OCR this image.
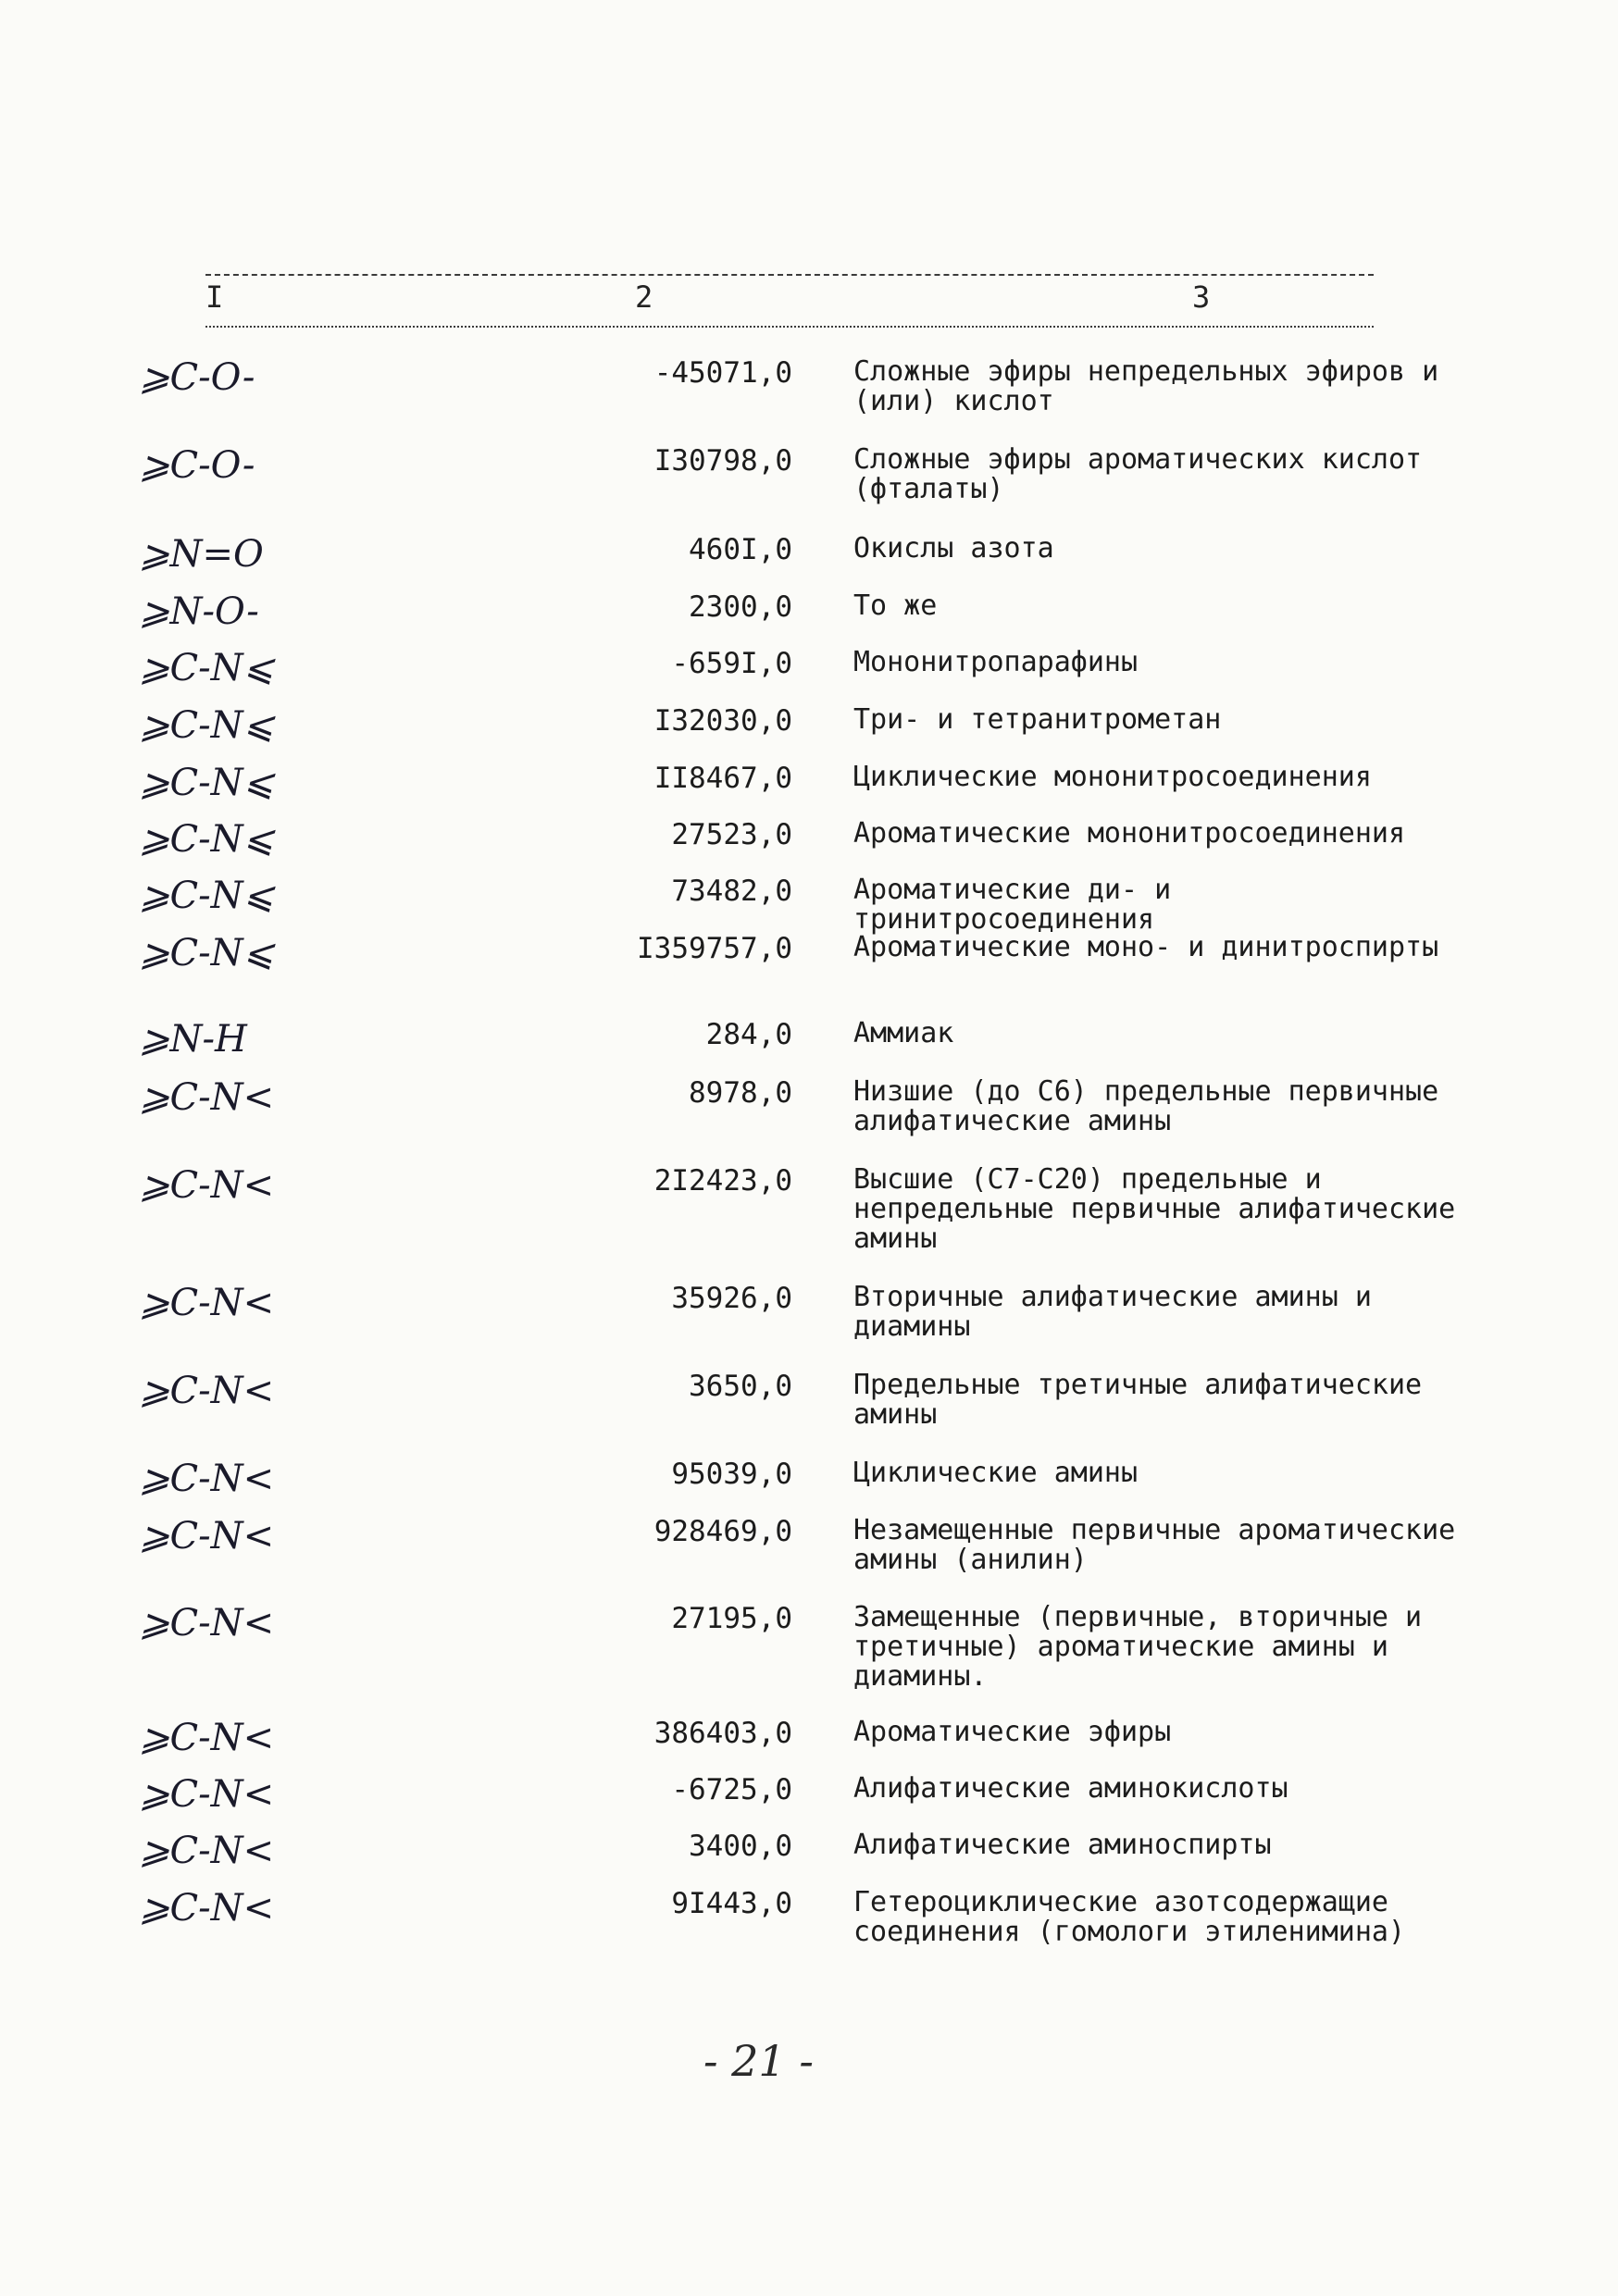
I	2	3
⩾C-O-	-45071,0 Сложные эфиры непредельных эфиров и (или) кислот
⩾C-O-	I30798,0 Сложные эфиры ароматических кислот (фталаты)
⩾N=O	460I,0 Окислы азота
⩾N-O-	2300,0 То же
⩾C-N⩽	-659I,0 Мононитропарафины
⩾C-N⩽	I32030,0 Три- и тетранитрометан
⩾C-N⩽	II8467,0 Циклические мононитросоединения
⩾C-N⩽	27523,0 Ароматические мононитросоединения
⩾C-N⩽	73482,0 Ароматические ди- и тринитросоединения
⩾C-N⩽	I359757,0 Ароматические моно- и динитроспирты
⩾N-H	284,0 Аммиак
⩾C-N<	8978,0 Низшие (до C6) предельные первичные алифатические амины
⩾C-N<	2I2423,0 Высшие (C7-C20) предельные и непредельные первичные алифатические амины
⩾C-N<	35926,0 Вторичные алифатические амины и диамины
⩾C-N<	3650,0 Предельные третичные алифатические амины
⩾C-N<	95039,0 Циклические амины
⩾C-N<	928469,0 Незамещенные первичные ароматические амины (анилин)
⩾C-N<	27195,0 Замещенные (первичные, вторичные и третичные) ароматические амины и диамины.
⩾C-N<	386403,0 Ароматические эфиры
⩾C-N<	-6725,0 Алифатические аминокислоты
⩾C-N<	3400,0 Алифатические аминоспирты
⩾C-N<	9I443,0 Гетероциклические азотсодержащие соединения (гомологи этиленимина)
- 21 -
